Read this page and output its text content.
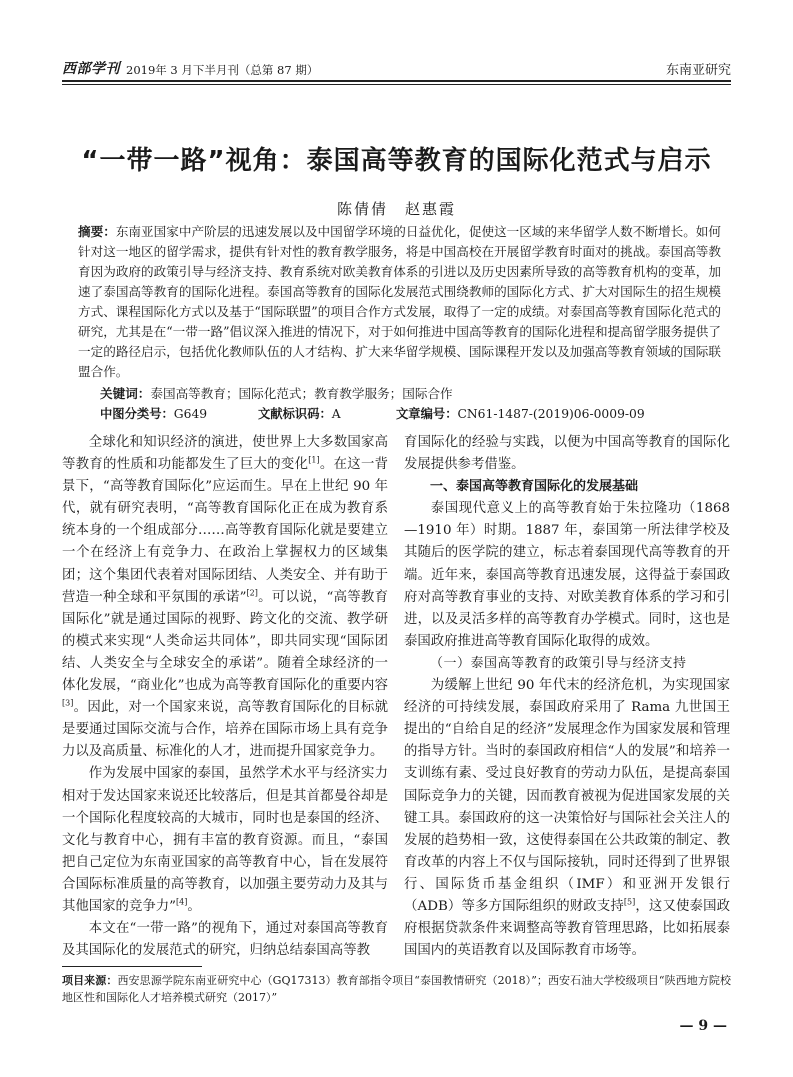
西部学刊 2019年 3 月下半月刊（总第 87 期）	东南亚研究
“一带一路”视角：泰国高等教育的国际化范式与启示
陈倩倩　赵惠霞
摘要：东南亚国家中产阶层的迅速发展以及中国留学环境的日益优化，促使这一区域的来华留学人数不断增长。如何针对这一地区的留学需求，提供有针对性的教育教学服务，将是中国高校在开展留学教育时面对的挑战。泰国高等教育因为政府的政策引导与经济支持、教育系统对欧美教育体系的引进以及历史因素所导致的高等教育机构的变革，加速了泰国高等教育的国际化进程。泰国高等教育的国际化发展范式围绕教师的国际化方式、扩大对国际生的招生规模方式、课程国际化方式以及基于“国际联盟”的项目合作方式发展，取得了一定的成绩。对泰国高等教育国际化范式的研究，尤其是在“一带一路”倡议深入推进的情况下，对于如何推进中国高等教育的国际化进程和提高留学服务提供了一定的路径启示，包括优化教师队伍的人才结构、扩大来华留学规模、国际课程开发以及加强高等教育领域的国际联盟合作。
关键词：泰国高等教育；国际化范式；教育教学服务；国际合作
中图分类号：G649	文献标识码：A	文章编号：CN61-1487-(2019)06-0009-09

全球化和知识经济的演进，使世界上大多数国家高等教育的性质和功能都发生了巨大的变化[1]。在这一背景下，“高等教育国际化”应运而生。早在上世纪 90 年代，就有研究表明，“高等教育国际化正在成为教育系统本身的一个组成部分……高等教育国际化就是要建立一个在经济上有竞争力、在政治上掌握权力的区域集团；这个集团代表着对国际团结、人类安全、并有助于营造一种全球和平氛围的承诺”[2]。可以说，“高等教育国际化”就是通过国际的视野、跨文化的交流、教学研的模式来实现“人类命运共同体”，即共同实现“国际团结、人类安全与全球安全的承诺”。随着全球经济的一体化发展，“商业化”也成为高等教育国际化的重要内容[3]。因此，对一个国家来说，高等教育国际化的目标就是要通过国际交流与合作，培养在国际市场上具有竞争力以及高质量、标准化的人才，进而提升国家竞争力。

作为发展中国家的泰国，虽然学术水平与经济实力相对于发达国家来说还比较落后，但是其首都曼谷却是一个国际化程度较高的大城市，同时也是泰国的经济、文化与教育中心，拥有丰富的教育资源。而且，“泰国把自己定位为东南亚国家的高等教育中心，旨在发展符合国际标准质量的高等教育，以加强主要劳动力及其与其他国家的竞争力”[4]。

本文在“一带一路”的视角下，通过对泰国高等教育及其国际化的发展范式的研究，归纳总结泰国高等教

育国际化的经验与实践，以便为中国高等教育的国际化发展提供参考借鉴。

一、泰国高等教育国际化的发展基础

泰国现代意义上的高等教育始于朱拉隆功（1868—1910 年）时期。1887 年，泰国第一所法律学校及其随后的医学院的建立，标志着泰国现代高等教育的开端。近年来，泰国高等教育迅速发展，这得益于泰国政府对高等教育事业的支持、对欧美教育体系的学习和引进，以及灵活多样的高等教育办学模式。同时，这也是泰国政府推进高等教育国际化取得的成效。

（一）泰国高等教育的政策引导与经济支持

为缓解上世纪 90 年代末的经济危机，为实现国家经济的可持续发展，泰国政府采用了 Rama 九世国王提出的“自给自足的经济”发展理念作为国家发展和管理的指导方针。当时的泰国政府相信“人的发展”和培养一支训练有素、受过良好教育的劳动力队伍，是提高泰国国际竞争力的关键，因而教育被视为促进国家发展的关键工具。泰国政府的这一决策恰好与国际社会关注人的发展的趋势相一致，这使得泰国在公共政策的制定、教育改革的内容上不仅与国际接轨，同时还得到了世界银行、国际货币基金组织（IMF）和亚洲开发银行（ADB）等多方国际组织的财政支持[5]，这又使泰国政府根据贷款条件来调整高等教育管理思路，比如拓展泰国国内的英语教育以及国际教育市场等。

项目来源：西安思源学院东南亚研究中心（GQ17313）教育部指令项目“泰国教情研究（2018）”；西安石油大学校级项目“陕西地方院校地区性和国际化人才培养模式研究（2017）”
— 9 —
